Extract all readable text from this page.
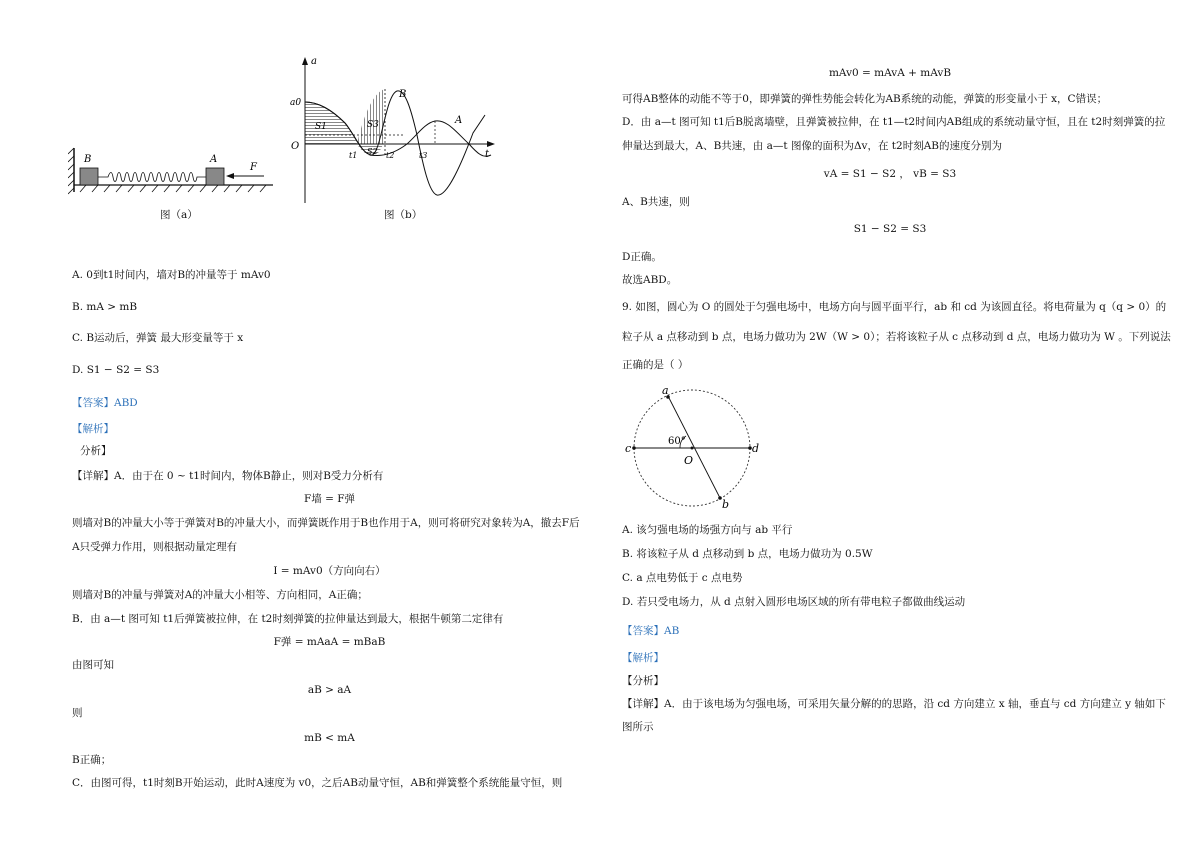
B	A
F
图（a）
a
a0
O
t
S1	S3
S2
t1	t2	t3
B
A
图（b）
A. 0到t1时间内，墙对B的冲量等于 mAv0
B. mA > mB
C. B运动后，弹簧 最大形变量等于 x
D. S1 − S2 = S3
【答案】ABD
【解析】
分析】
【详解】A．由于在 0 ~ t1时间内，物体B静止，则对B受力分析有
F墙 = F弹
则墙对B的冲量大小等于弹簧对B的冲量大小，而弹簧既作用于B也作用于A，则可将研究对象转为A，撤去F后
A只受弹力作用，则根据动量定理有
I = mAv0（方向向右）
则墙对B的冲量与弹簧对A的冲量大小相等、方向相同，A正确；
B．由 a—t 图可知 t1后弹簧被拉伸，在 t2时刻弹簧的拉伸量达到最大，根据牛顿第二定律有
F弹 = mAaA = mBaB
由图可知
aB > aA
则
mB < mA
B正确；
C．由图可得，t1时刻B开始运动，此时A速度为 v0，之后AB动量守恒，AB和弹簧整个系统能量守恒，则
mAv0 = mAvA + mAvB
可得AB整体的动能不等于0，即弹簧的弹性势能会转化为AB系统的动能，弹簧的形变量小于 x，C错误；
D．由 a—t 图可知 t1后B脱离墙壁，且弹簧被拉伸，在 t1—t2时间内AB组成的系统动量守恒，且在 t2时刻弹簧的拉
伸量达到最大，A、B共速，由 a—t 图像的面积为Δv，在 t2时刻AB的速度分别为
vA = S1 − S2 ， vB = S3
A、B共速，则
S1 − S2 = S3
D正确。
故选ABD。
9. 如图，圆心为 O 的圆处于匀强电场中，电场方向与圆平面平行，ab 和 cd 为该圆直径。将电荷量为 q（q > 0）的
粒子从 a 点移动到 b 点，电场力做功为 2W（W > 0）；若将该粒子从 c 点移动到 d 点，电场力做功为 W 。下列说法
正确的是（ ）
a
b
c	d
O
60°
A. 该匀强电场的场强方向与 ab 平行
B. 将该粒子从 d 点移动到 b 点，电场力做功为 0.5W
C. a 点电势低于 c 点电势
D. 若只受电场力，从 d 点射入圆形电场区域的所有带电粒子都做曲线运动
【答案】AB
【解析】
【分析】
【详解】A．由于该电场为匀强电场，可采用矢量分解的的思路，沿 cd 方向建立 x 轴，垂直与 cd 方向建立 y 轴如下
图所示
